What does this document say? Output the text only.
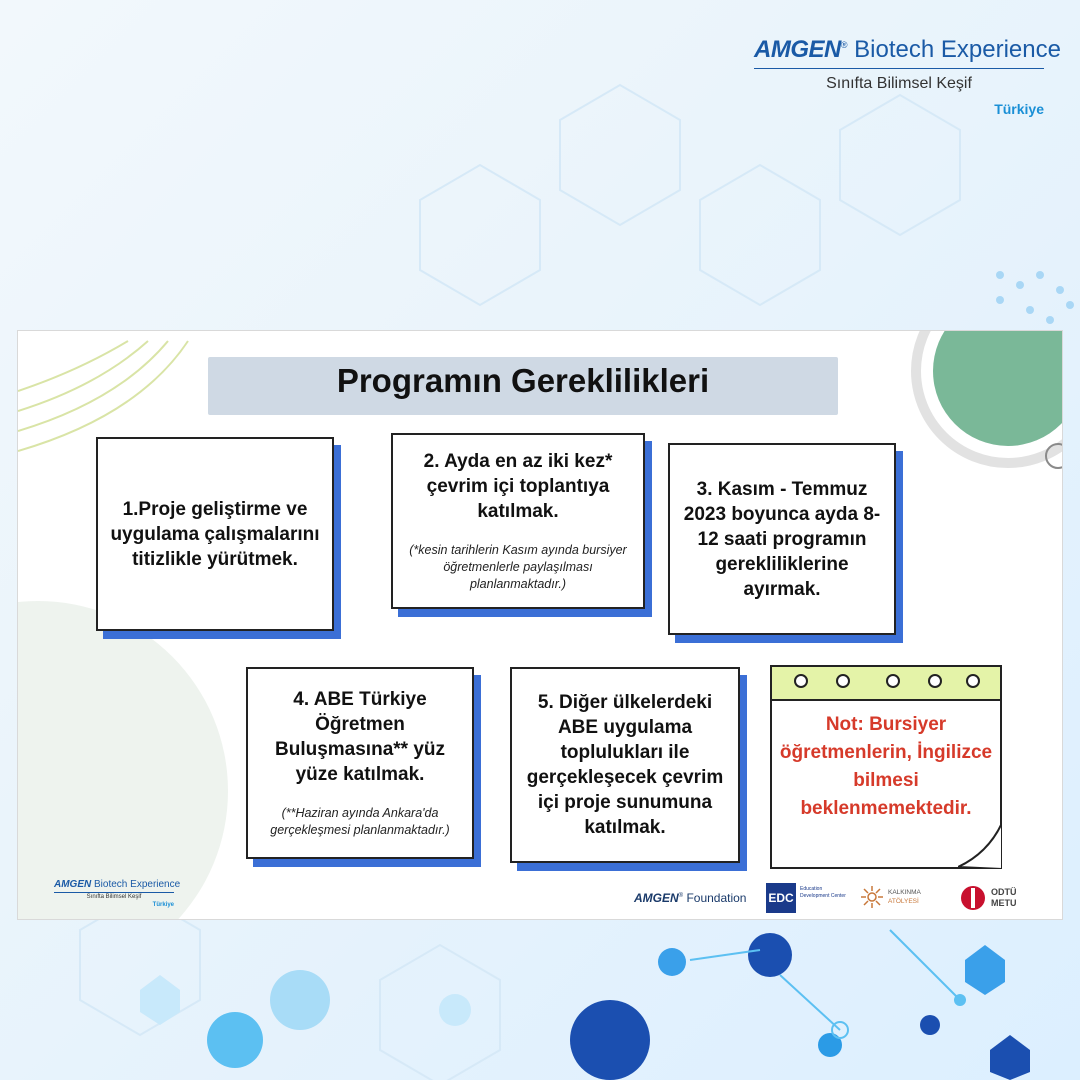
AMGEN® Biotech Experience
Sınıfta Bilimsel Keşif
Türkiye
Programın Gereklilikleri
1.Proje geliştirme ve uygulama çalışmalarını titizlikle yürütmek.
2. Ayda en az iki kez* çevrim içi toplantıya katılmak.
(*kesin tarihlerin Kasım ayında bursiyer öğretmenlerle paylaşılması planlanmaktadır.)
3. Kasım - Temmuz 2023 boyunca ayda 8-12 saati programın gerekliliklerine ayırmak.
4. ABE Türkiye Öğretmen Buluşmasına** yüz yüze katılmak.
(**Haziran ayında Ankara'da gerçekleşmesi planlanmaktadır.)
5. Diğer ülkelerdeki ABE uygulama toplulukları ile gerçekleşecek çevrim içi proje sunumuna katılmak.
Not: Bursiyer öğretmenlerin, İngilizce bilmesi beklenmemektedir.
AMGEN Biotech Experience
Sınıfta Bilimsel Keşif
Türkiye	AMGEN® Foundation EDC
Education Development Center	KALKINMA
ATÖLYESİ
ODTÜ
METU
